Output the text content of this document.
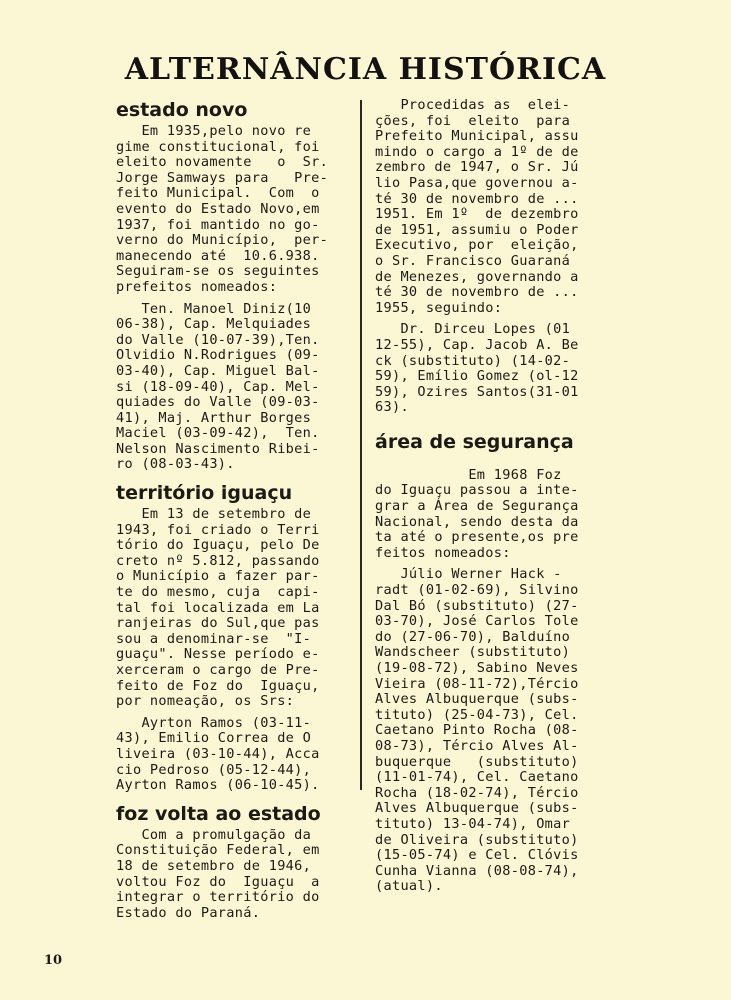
ALTERNÂNCIA HISTÓRICA
estado novo

Em 1935,pelo novo re
gime constitucional, foi
eleito novamente   o  Sr.
Jorge Samways para   Pre-
feito Municipal.  Com  o
evento do Estado Novo,em
1937, foi mantido no go-
verno do Município,  per-
manecendo até  10.6.938.
Seguiram-se os seguintes
prefeitos nomeados:

Ten. Manoel Diniz(10
06-38), Cap. Melquiades
do Valle (10-07-39),Ten.
Olvidio N.Rodrigues (09-
03-40), Cap. Miguel Bal-
si (18-09-40), Cap. Mel-
quiades do Valle (09-03-
41), Maj. Arthur Borges
Maciel (03-09-42),  Ten.
Nelson Nascimento Ribei-
ro (08-03-43).

território iguaçu

Em 13 de setembro de
1943, foi criado o Terri
tório do Iguaçu, pelo De
creto nº 5.812, passando
o Município a fazer par-
te do mesmo, cuja  capi-
tal foi localizada em La
ranjeiras do Sul,que pas
sou a denominar-se  "I-
guaçu". Nesse período e-
xerceram o cargo de Pre-
feito de Foz do  Iguaçu,
por nomeação, os Srs:

Ayrton Ramos (03-11-
43), Emilio Correa de O
liveira (03-10-44), Acca
cio Pedroso (05-12-44),
Ayrton Ramos (06-10-45).

foz volta ao estado

Com a promulgação da
Constituição Federal, em
18 de setembro de 1946,
voltou Foz do  Iguaçu  a
integrar o território do
Estado do Paraná.

Procedidas as  elei-
ções, foi  eleito  para
Prefeito Municipal, assu
mindo o cargo a 1º de de
zembro de 1947, o Sr. Jú
lio Pasa,que governou a-
té 30 de novembro de ...
1951. Em 1º  de dezembro
de 1951, assumiu o Poder
Executivo, por  eleição,
o Sr. Francisco Guaraná
de Menezes, governando a
té 30 de novembro de ...
1955, seguindo:

Dr. Dirceu Lopes (01
12-55), Cap. Jacob A. Be
ck (substituto) (14-02-
59), Emílio Gomez (ol-12
59), Ozires Santos(31-01
63).

área de segurança

Em 1968 Foz
do Iguaçu passou a inte-
grar a Área de Segurança
Nacional, sendo desta da
ta até o presente,os pre
feitos nomeados:

Júlio Werner Hack -
radt (01-02-69), Silvino
Dal Bó (substituto) (27-
03-70), José Carlos Tole
do (27-06-70), Balduíno
Wandscheer (substituto)
(19-08-72), Sabino Neves
Vieira (08-11-72),Tércio
Alves Albuquerque (subs-
tituto) (25-04-73), Cel.
Caetano Pinto Rocha (08-
08-73), Tércio Alves Al-
buquerque   (substituto)
(11-01-74), Cel. Caetano
Rocha (18-02-74), Tércio
Alves Albuquerque (subs-
tituto) 13-04-74), Omar
de Oliveira (substituto)
(15-05-74) e Cel. Clóvis
Cunha Vianna (08-08-74),
(atual).

10
